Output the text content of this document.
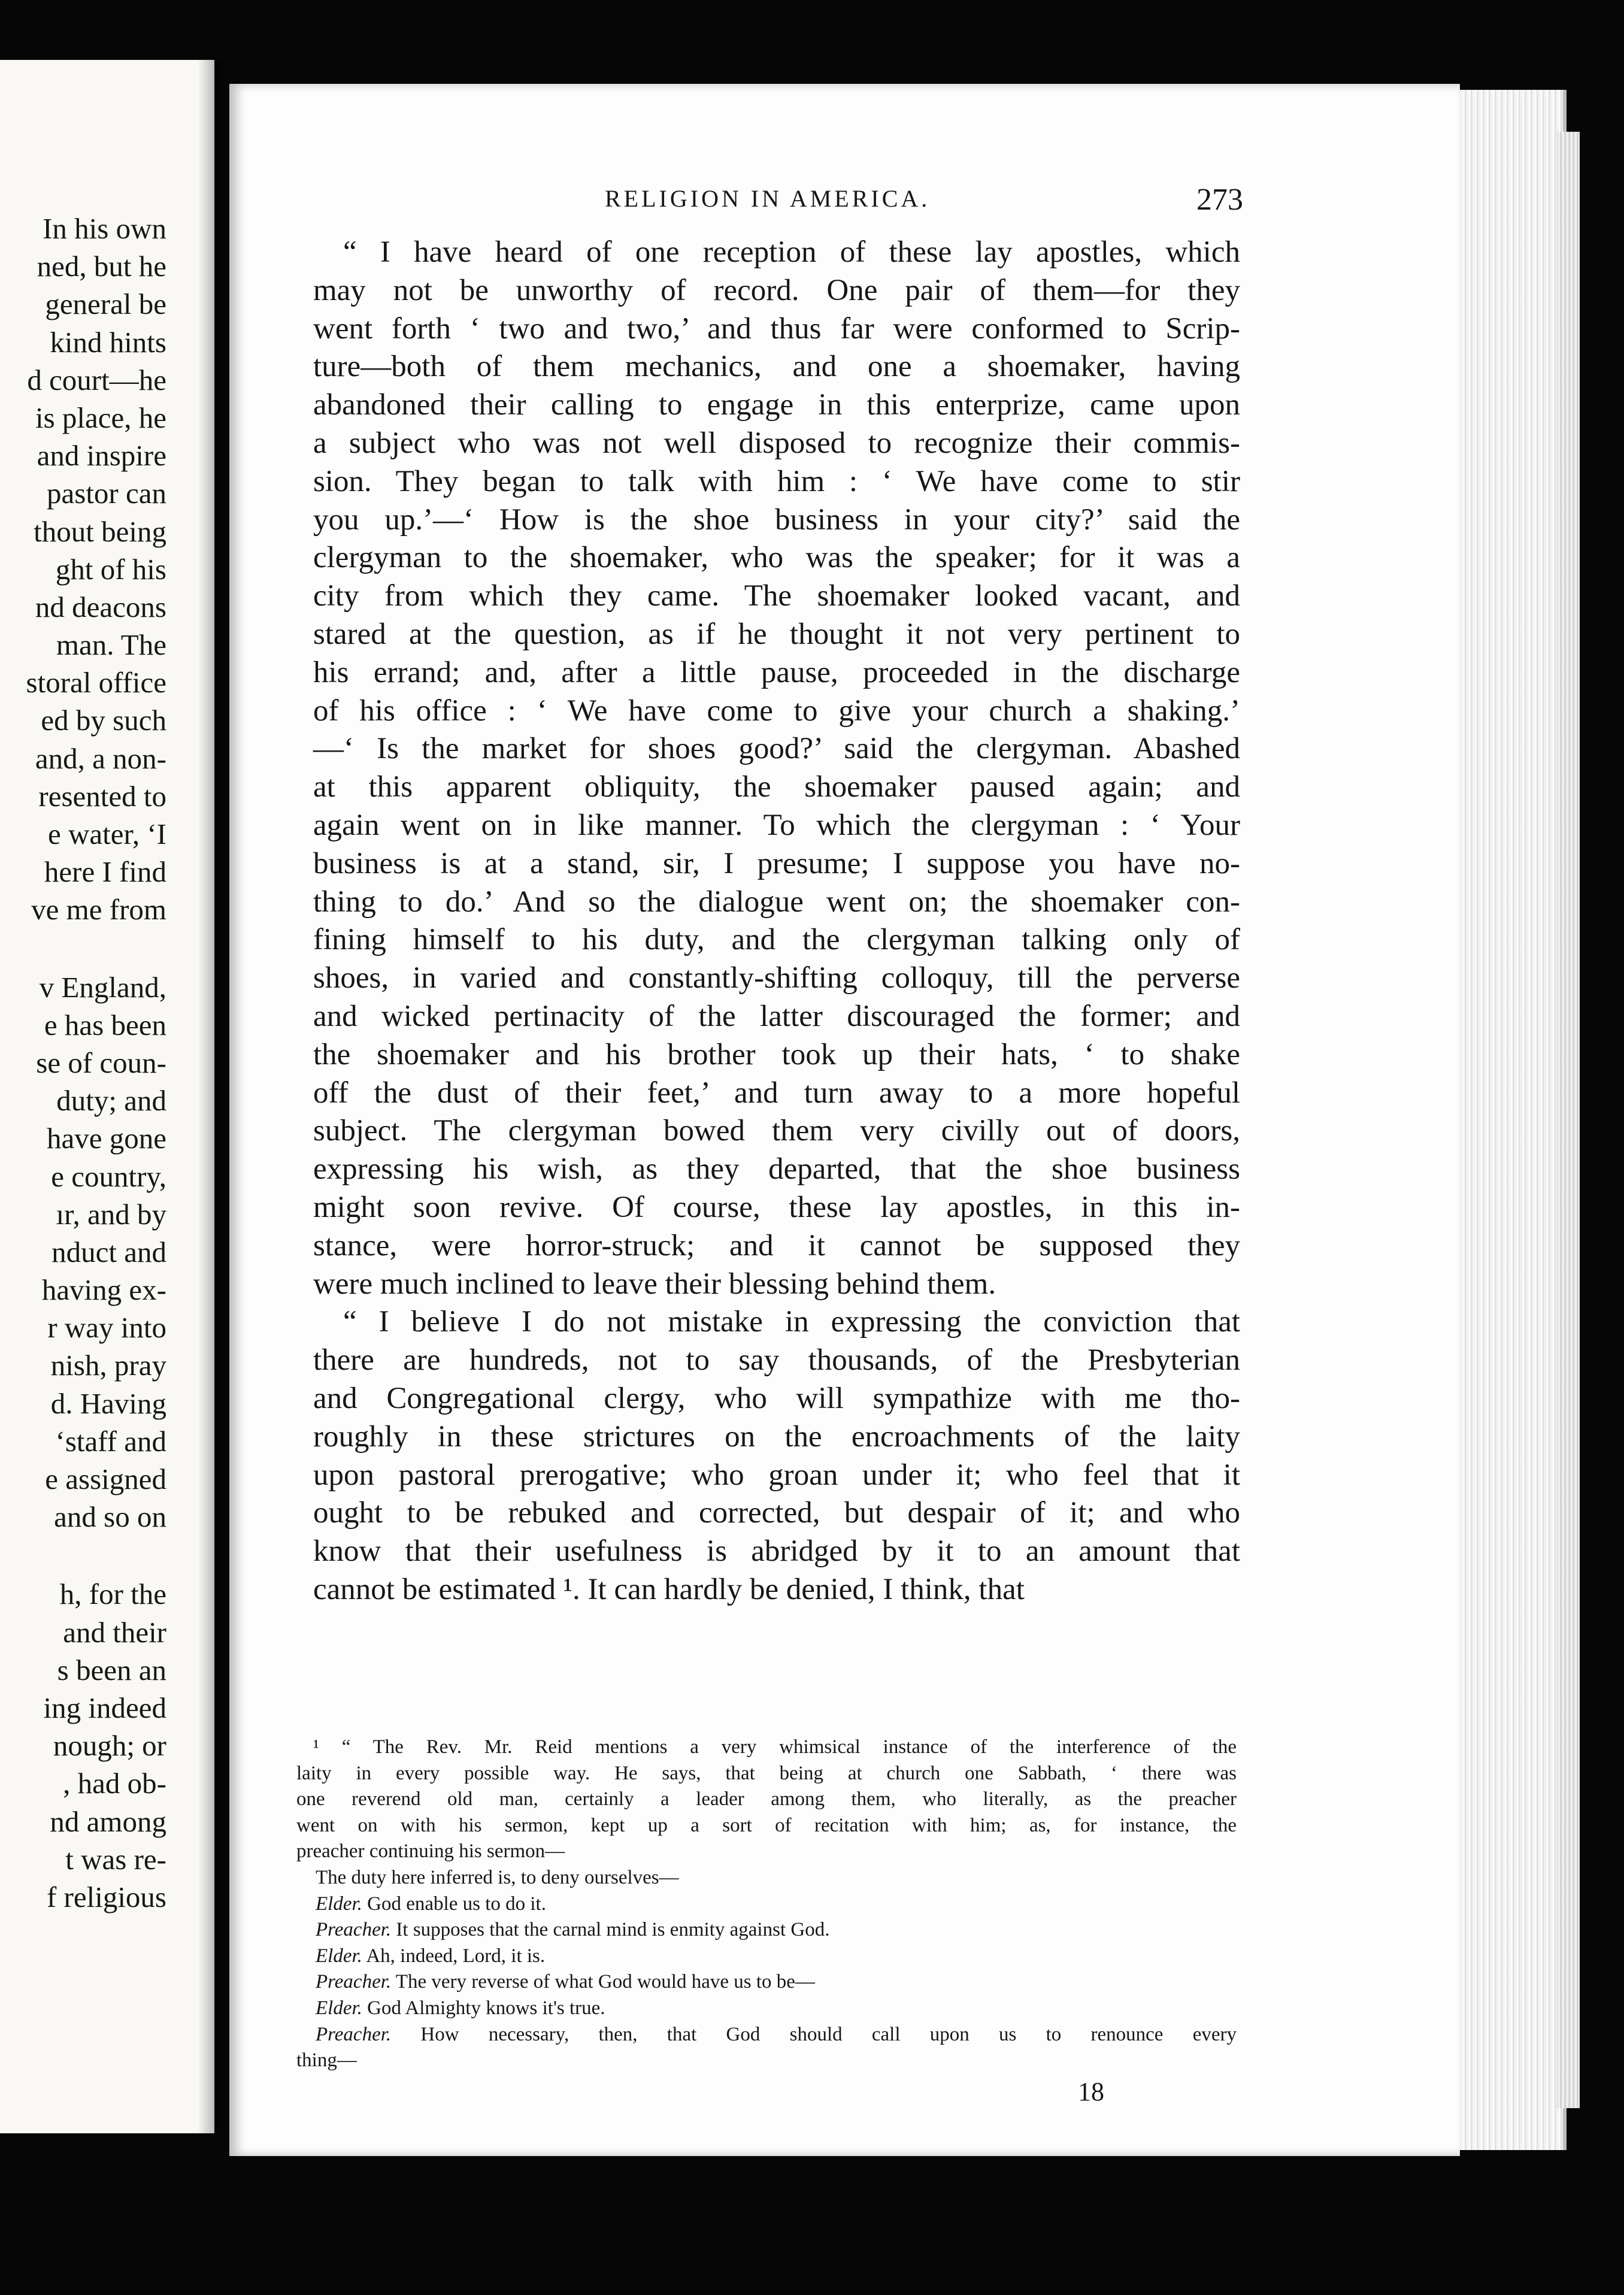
In his own
ned, but he
general be
kind hints
d court—he
is place, he
and inspire
pastor can
thout being
ght of his
nd deacons
man. The
storal office
ed by such
and, a non-
resented to
e water, ‘I
here I find
ve me from
v England,
e has been
se of coun-
duty; and
have gone
e country,
ır, and by
nduct and
having ex-
r way into
nish, pray
d. Having
‘staff and
e assigned
and so on
h, for the
and their
s been an
ing indeed
nough; or
, had ob-
nd among
t was re-
f religious
RELIGION IN AMERICA.	273
“ I have heard of one reception of these lay apostles, which
may not be unworthy of record. One pair of them—for they
went forth ‘ two and two,’ and thus far were conformed to Scrip-
ture—both of them mechanics, and one a shoemaker, having
abandoned their calling to engage in this enterprize, came upon
a subject who was not well disposed to recognize their commis-
sion. They began to talk with him : ‘ We have come to stir
you up.’—‘ How is the shoe business in your city?’ said the
clergyman to the shoemaker, who was the speaker; for it was a
city from which they came. The shoemaker looked vacant, and
stared at the question, as if he thought it not very pertinent to
his errand; and, after a little pause, proceeded in the discharge
of his office : ‘ We have come to give your church a shaking.’
—‘ Is the market for shoes good?’ said the clergyman. Abashed
at this apparent obliquity, the shoemaker paused again; and
again went on in like manner. To which the clergyman : ‘ Your
business is at a stand, sir, I presume; I suppose you have no-
thing to do.’ And so the dialogue went on; the shoemaker con-
fining himself to his duty, and the clergyman talking only of
shoes, in varied and constantly-shifting colloquy, till the perverse
and wicked pertinacity of the latter discouraged the former; and
the shoemaker and his brother took up their hats, ‘ to shake
off the dust of their feet,’ and turn away to a more hopeful
subject. The clergyman bowed them very civilly out of doors,
expressing his wish, as they departed, that the shoe business
might soon revive. Of course, these lay apostles, in this in-
stance, were horror-struck; and it cannot be supposed they
were much inclined to leave their blessing behind them.
“ I believe I do not mistake in expressing the conviction that
there are hundreds, not to say thousands, of the Presbyterian
and Congregational clergy, who will sympathize with me tho-
roughly in these strictures on the encroachments of the laity
upon pastoral prerogative; who groan under it; who feel that it
ought to be rebuked and corrected, but despair of it; and who
know that their usefulness is abridged by it to an amount that
cannot be estimated ¹. It can hardly be denied, I think, that
¹ “ The Rev. Mr. Reid mentions a very whimsical instance of the interference of the
laity in every possible way. He says, that being at church one Sabbath, ‘ there was
one reverend old man, certainly a leader among them, who literally, as the preacher
went on with his sermon, kept up a sort of recitation with him; as, for instance, the
preacher continuing his sermon—
The duty here inferred is, to deny ourselves—
Elder. God enable us to do it.
Preacher. It supposes that the carnal mind is enmity against God.
Elder. Ah, indeed, Lord, it is.
Preacher. The very reverse of what God would have us to be—
Elder. God Almighty knows it's true.
Preacher. How necessary, then, that God should call upon us to renounce every
thing—
18
